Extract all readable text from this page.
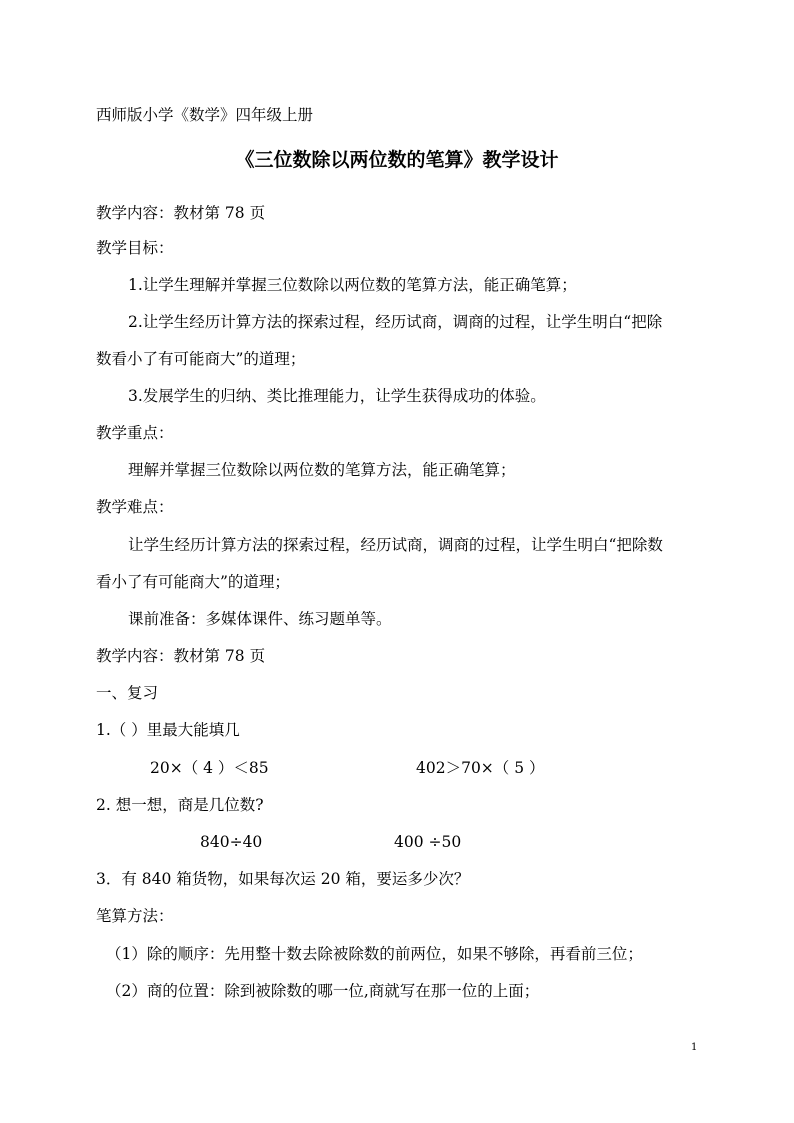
西师版小学《数学》四年级上册
《三位数除以两位数的笔算》教学设计
教学内容：教材第 78 页
教学目标：
1.让学生理解并掌握三位数除以两位数的笔算方法，能正确笔算；
2.让学生经历计算方法的探索过程，经历试商，调商的过程，让学生明白“把除
数看小了有可能商大”的道理；
3.发展学生的归纳、类比推理能力，让学生获得成功的体验。
教学重点：
理解并掌握三位数除以两位数的笔算方法，能正确笔算；
教学难点：
让学生经历计算方法的探索过程，经历试商，调商的过程，让学生明白“把除数
看小了有可能商大”的道理；
课前准备：多媒体课件、练习题单等。
教学内容：教材第 78 页
一、复习
1.（ ）里最大能填几
20×（ 4 ）＜85	402＞70×（ 5 ）
2. 想一想，商是几位数?
840÷40	400 ÷50
3．有 840 箱货物，如果每次运 20 箱，要运多少次？
笔算方法：
（1）除的顺序：先用整十数去除被除数的前两位，如果不够除，再看前三位；
（2）商的位置：除到被除数的哪一位,商就写在那一位的上面；
1
